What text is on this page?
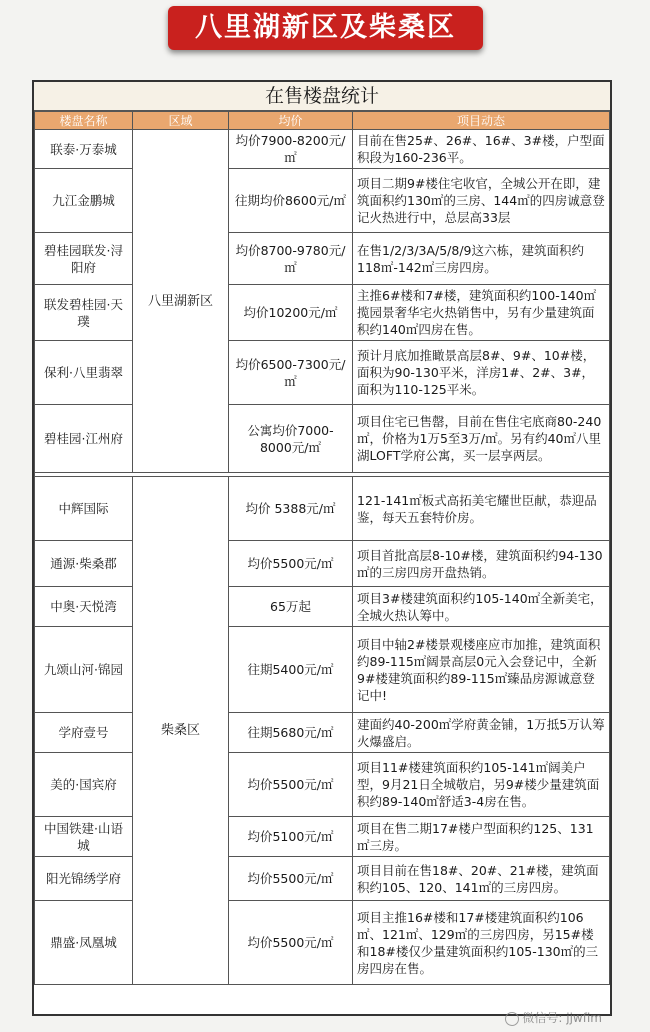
八里湖新区及柴桑区
在售楼盘统计
楼盘名称	区域	均价	项目动态
联泰·万泰城	八里湖新区	均价7900-8200元/㎡	目前在售25#、26#、16#、3#楼，户型面积段为160-236平。
九江金鹏城		往期均价8600元/㎡	项目二期9#楼住宅收官，全城公开在即，建筑面积约130㎡的三房、144㎡的四房诚意登记火热进行中，总层高33层
碧桂园联发·浔阳府		均价8700-9780元/㎡	在售1/2/3/3A/5/8/9这六栋，建筑面积约118㎡-142㎡三房四房。
联发碧桂园·天璞		均价10200元/㎡	主推6#楼和7#楼，建筑面积约100-140㎡揽园景奢华宅火热销售中，另有少量建筑面积约140㎡四房在售。
保利·八里翡翠		均价6500-7300元/㎡	预计月底加推瞰景高层8#、9#、10#楼，面积为90-130平米，洋房1#、2#、3#，面积为110-125平米。
碧桂园·江州府		公寓均价7000-8000元/㎡	项目住宅已售罄，目前在售住宅底商80-240㎡，价格为1万5至3万/㎡。另有约40㎡八里湖LOFT学府公寓，买一层享两层。

中辉国际	柴桑区	均价 5388元/㎡	121-141㎡板式高拓美宅耀世臣献，恭迎品鉴，每天五套特价房。
通源·柴桑郡		均价5500元/㎡	项目首批高层8-10#楼，建筑面积约94-130㎡的三房四房开盘热销。
中奥·天悦湾		65万起	项目3#楼建筑面积约105-140㎡全新美宅，全城火热认筹中。
九颂山河·锦园		往期5400元/㎡	项目中轴2#楼景观楼座应市加推，建筑面积约89-115㎡阔景高层0元入会登记中，全新9#楼建筑面积约89-115㎡臻品房源诚意登记中!
学府壹号		往期5680元/㎡	建面约40-200㎡学府黄金铺，1万抵5万认筹火爆盛启。
美的·国宾府		均价5500元/㎡	项目11#楼建筑面积约105-141㎡阔美户型，9月21日全城敬启，另9#楼少量建筑面积约89-140㎡舒适3-4房在售。
中国铁建·山语城		均价5100元/㎡	项目在售二期17#楼户型面积约125、131㎡三房。
阳光锦绣学府		均价5500元/㎡	项目目前在售18#、20#、21#楼，建筑面积约105、120、141㎡的三房四房。
鼎盛·凤凰城		均价5500元/㎡	项目主推16#楼和17#楼建筑面积约106㎡、121㎡、129㎡的三房四房，另15#楼和18#楼仅少量建筑面积约105-130㎡的三房四房在售。
微信号: jjwfim
